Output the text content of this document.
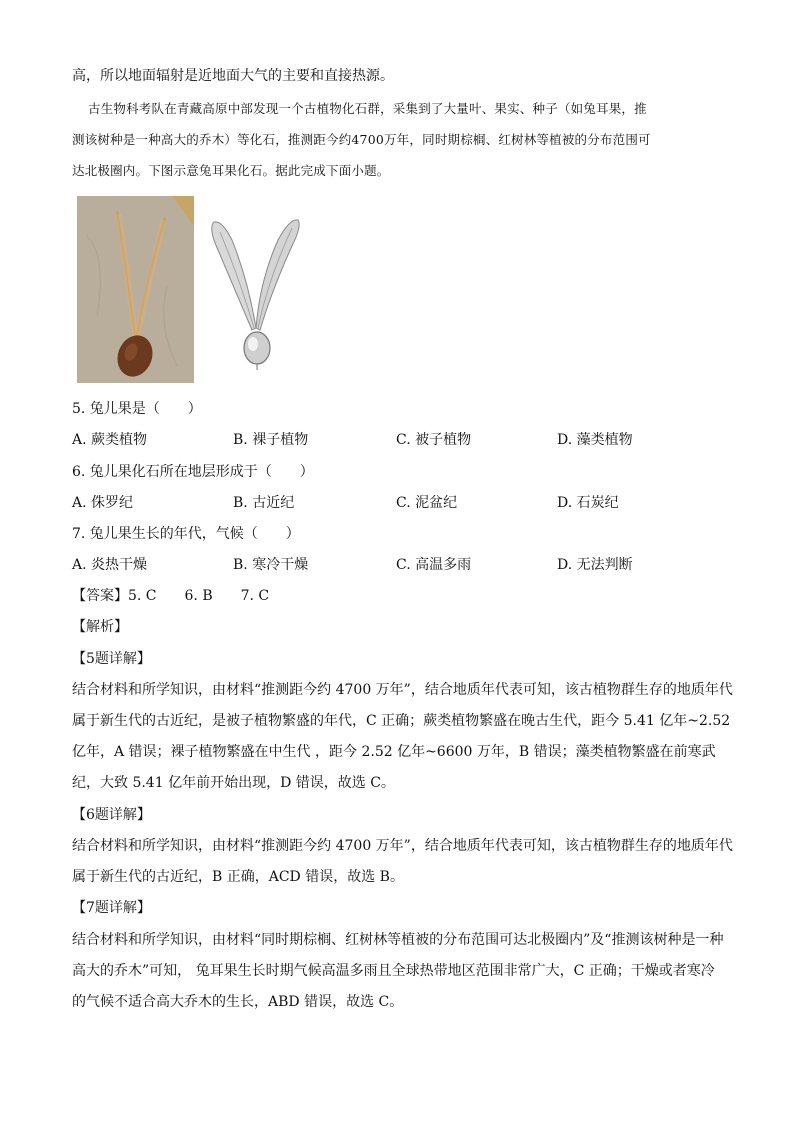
高，所以地面辐射是近地面大气的主要和直接热源。
古生物科考队在青藏高原中部发现一个古植物化石群，采集到了大量叶、果实、种子（如兔耳果，推
测该树种是一种高大的乔木）等化石，推测距今约4700万年，同时期棕榈、红树林等植被的分布范围可
达北极圈内。下图示意兔耳果化石。据此完成下面小题。
5. 兔儿果是（　　）
A. 蕨类植物	B. 裸子植物	C. 被子植物	D. 藻类植物
6. 兔儿果化石所在地层形成于（　　）
A. 侏罗纪	B. 古近纪	C. 泥盆纪	D. 石炭纪
7. 兔儿果生长的年代，气候（　　）
A. 炎热干燥	B. 寒冷干燥	C. 高温多雨	D. 无法判断
【答案】5. C　　6. B　　7. C
【解析】
【5题详解】
结合材料和所学知识，由材料“推测距今约 4700 万年”，结合地质年代表可知，该古植物群生存的地质年代
属于新生代的古近纪，是被子植物繁盛的年代，C 正确；蕨类植物繁盛在晚古生代，距今 5.41 亿年~2.52
亿年，A 错误；裸子植物繁盛在中生代 ，距今 2.52 亿年~6600 万年，B 错误；藻类植物繁盛在前寒武
纪，大致 5.41 亿年前开始出现，D 错误，故选 C。
【6题详解】
结合材料和所学知识，由材料“推测距今约 4700 万年”，结合地质年代表可知，该古植物群生存的地质年代
属于新生代的古近纪，B 正确，ACD 错误，故选 B。
【7题详解】
结合材料和所学知识，由材料“同时期棕榈、红树林等植被的分布范围可达北极圈内”及“推测该树种是一种
高大的乔木”可知， 兔耳果生长时期气候高温多雨且全球热带地区范围非常广大，C 正确；干燥或者寒冷
的气候不适合高大乔木的生长，ABD 错误，故选 C。
